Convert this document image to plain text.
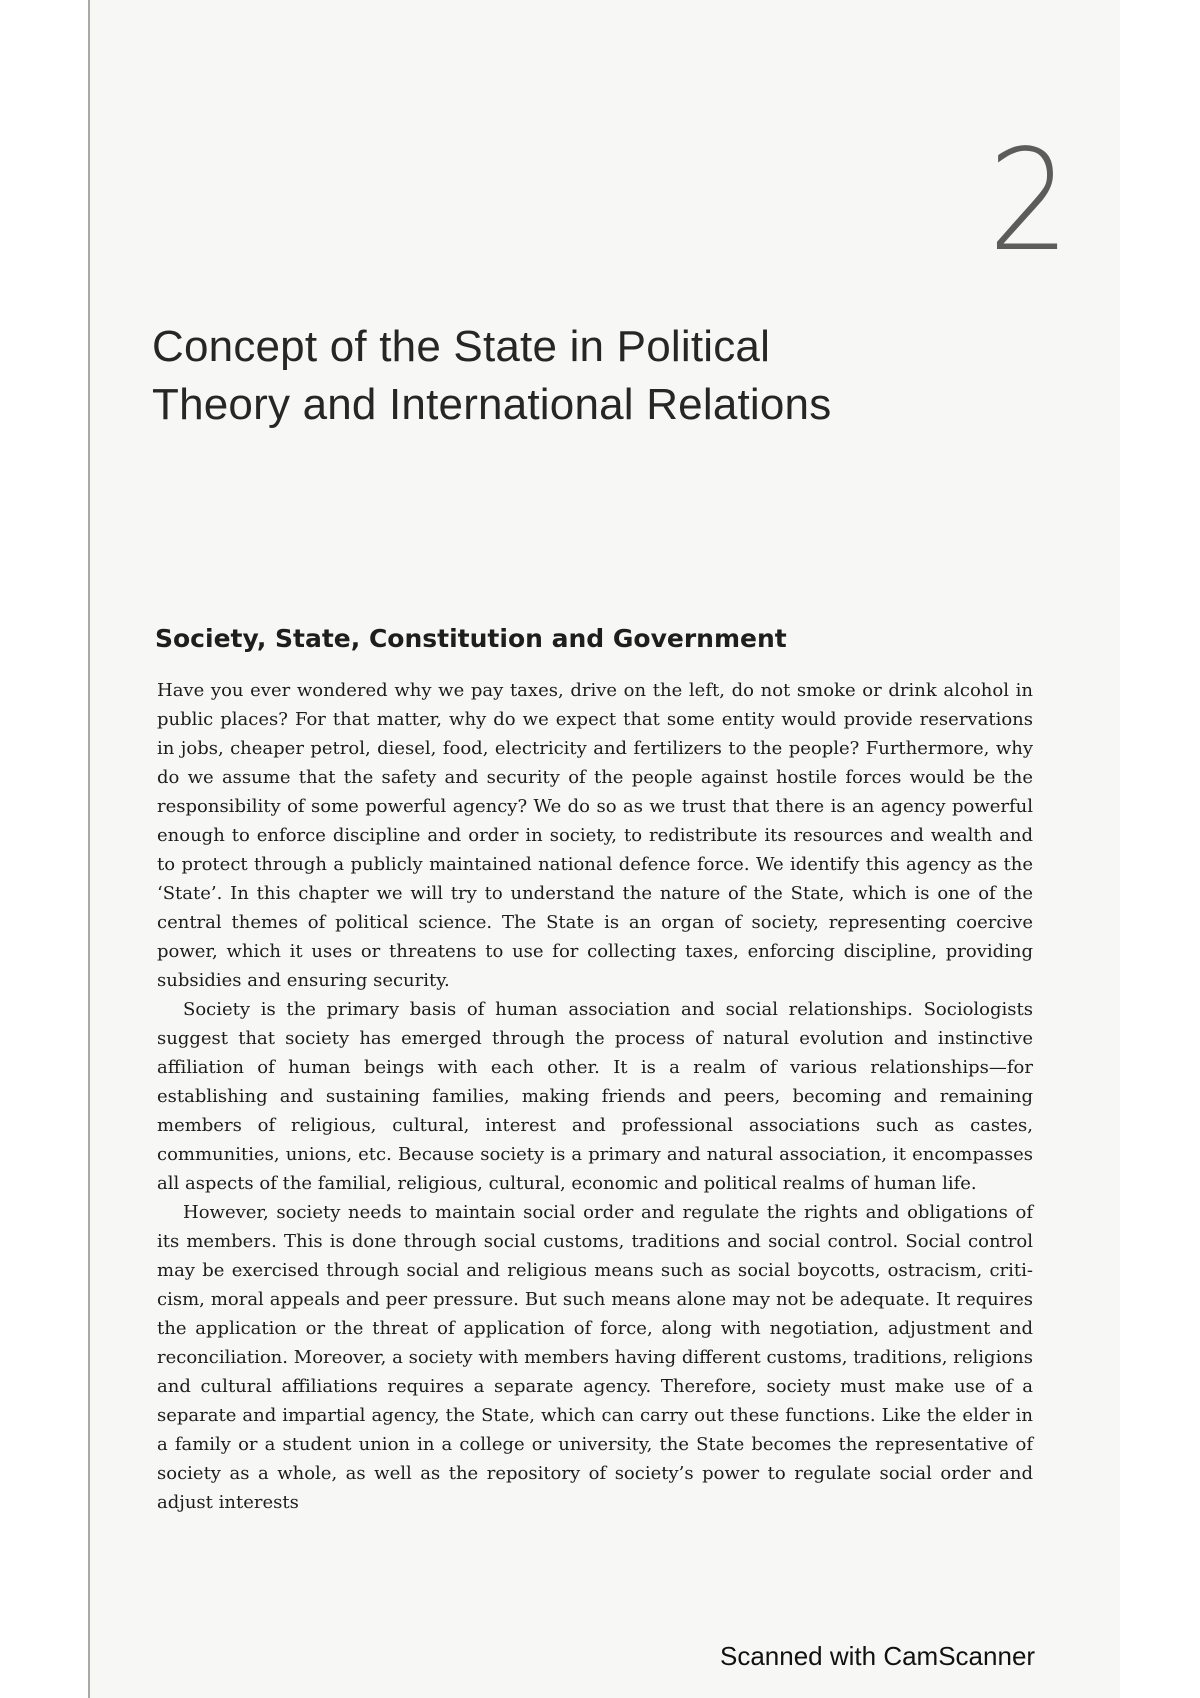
2
Concept of the State in Political
Theory and International Relations
Society, State, Constitution and Government

Have you ever wondered why we pay taxes, drive on the left, do not smoke or drink alcohol in public places? For that matter, why do we expect that some entity would provide reservations in jobs, cheaper petrol, diesel, food, electricity and fertilizers to the people? Furthermore, why do we assume that the safety and security of the people against hostile forces would be the responsibility of some powerful agency? We do so as we trust that there is an agency powerful enough to enforce discipline and order in society, to redistribute its resources and wealth and to protect through a publicly maintained national defence force. We identify this agency as the ‘State’. In this chapter we will try to understand the nature of the State, which is one of the central themes of political science. The State is an organ of society, representing coercive power, which it uses or threatens to use for collecting taxes, enforcing discipline, providing subsidies and ensuring security.

Society is the primary basis of human association and social relationships. Sociologists suggest that society has emerged through the process of natural evolution and instinctive affiliation of human beings with each other. It is a realm of various relationships—for establishing and sustaining families, making friends and peers, becoming and remaining members of religious, cultural, interest and professional associations such as castes, communities, unions, etc. Because society is a primary and natural association, it encompasses all aspects of the familial, religious, cultural, economic and political realms of human life.

However, society needs to maintain social order and regulate the rights and obligations of its members. This is done through social customs, traditions and social control. Social control may be exercised through social and religious means such as social boycotts, ostracism, criticism, moral appeals and peer pressure. But such means alone may not be adequate. It requires the application or the threat of application of force, along with negotiation, adjustment and reconciliation. Moreover, a society with members having different customs, traditions, religions and cultural affiliations requires a separate agency. Therefore, society must make use of a separate and impartial agency, the State, which can carry out these functions. Like the elder in a family or a student union in a college or university, the State becomes the representative of society as a whole, as well as the repository of society’s power to regulate social order and adjust interests

Scanned with CamScanner
